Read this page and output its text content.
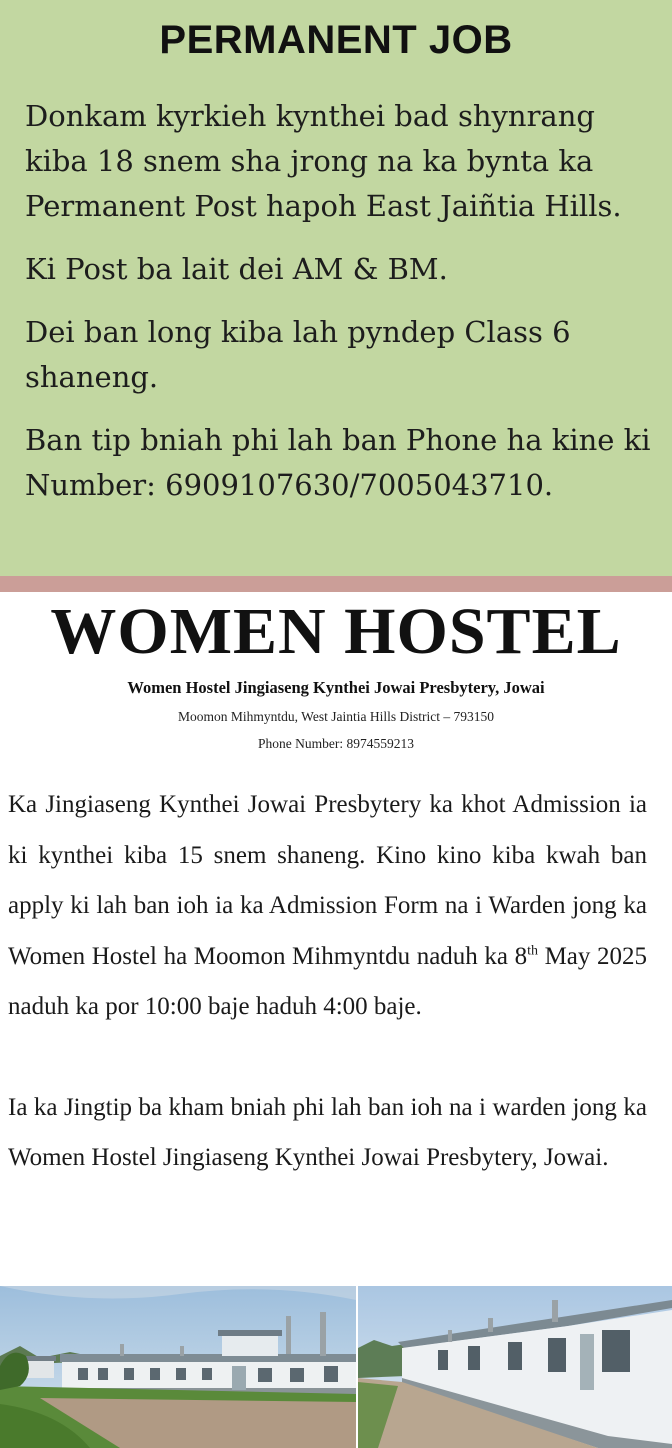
PERMANENT JOB

Donkam kyrkieh kynthei bad shynrang kiba 18 snem sha jrong na ka bynta ka Permanent Post hapoh East Jaiñtia Hills.

Ki Post ba lait dei AM & BM.

Dei ban long kiba lah pyndep Class 6 shaneng.

Ban tip bniah phi lah ban Phone ha kine ki Number: 6909107630/7005043710.

WOMEN HOSTEL
Women Hostel Jingiaseng Kynthei Jowai Presbytery, Jowai
Moomon Mihmyntdu, West Jaintia Hills District – 793150
Phone Number: 8974559213

Ka Jingiaseng Kynthei Jowai Presbytery ka khot Admission ia ki kynthei kiba 15 snem shaneng. Kino kino kiba kwah ban apply ki lah ban ioh ia ka Admission Form na i Warden jong ka Women Hostel ha Moomon Mihmyntdu naduh ka 8th May 2025 naduh ka por 10:00 baje haduh 4:00 baje.

Ia ka Jingtip ba kham bniah phi lah ban ioh na i warden jong ka Women Hostel Jingiaseng Kynthei Jowai Presbytery, Jowai.
